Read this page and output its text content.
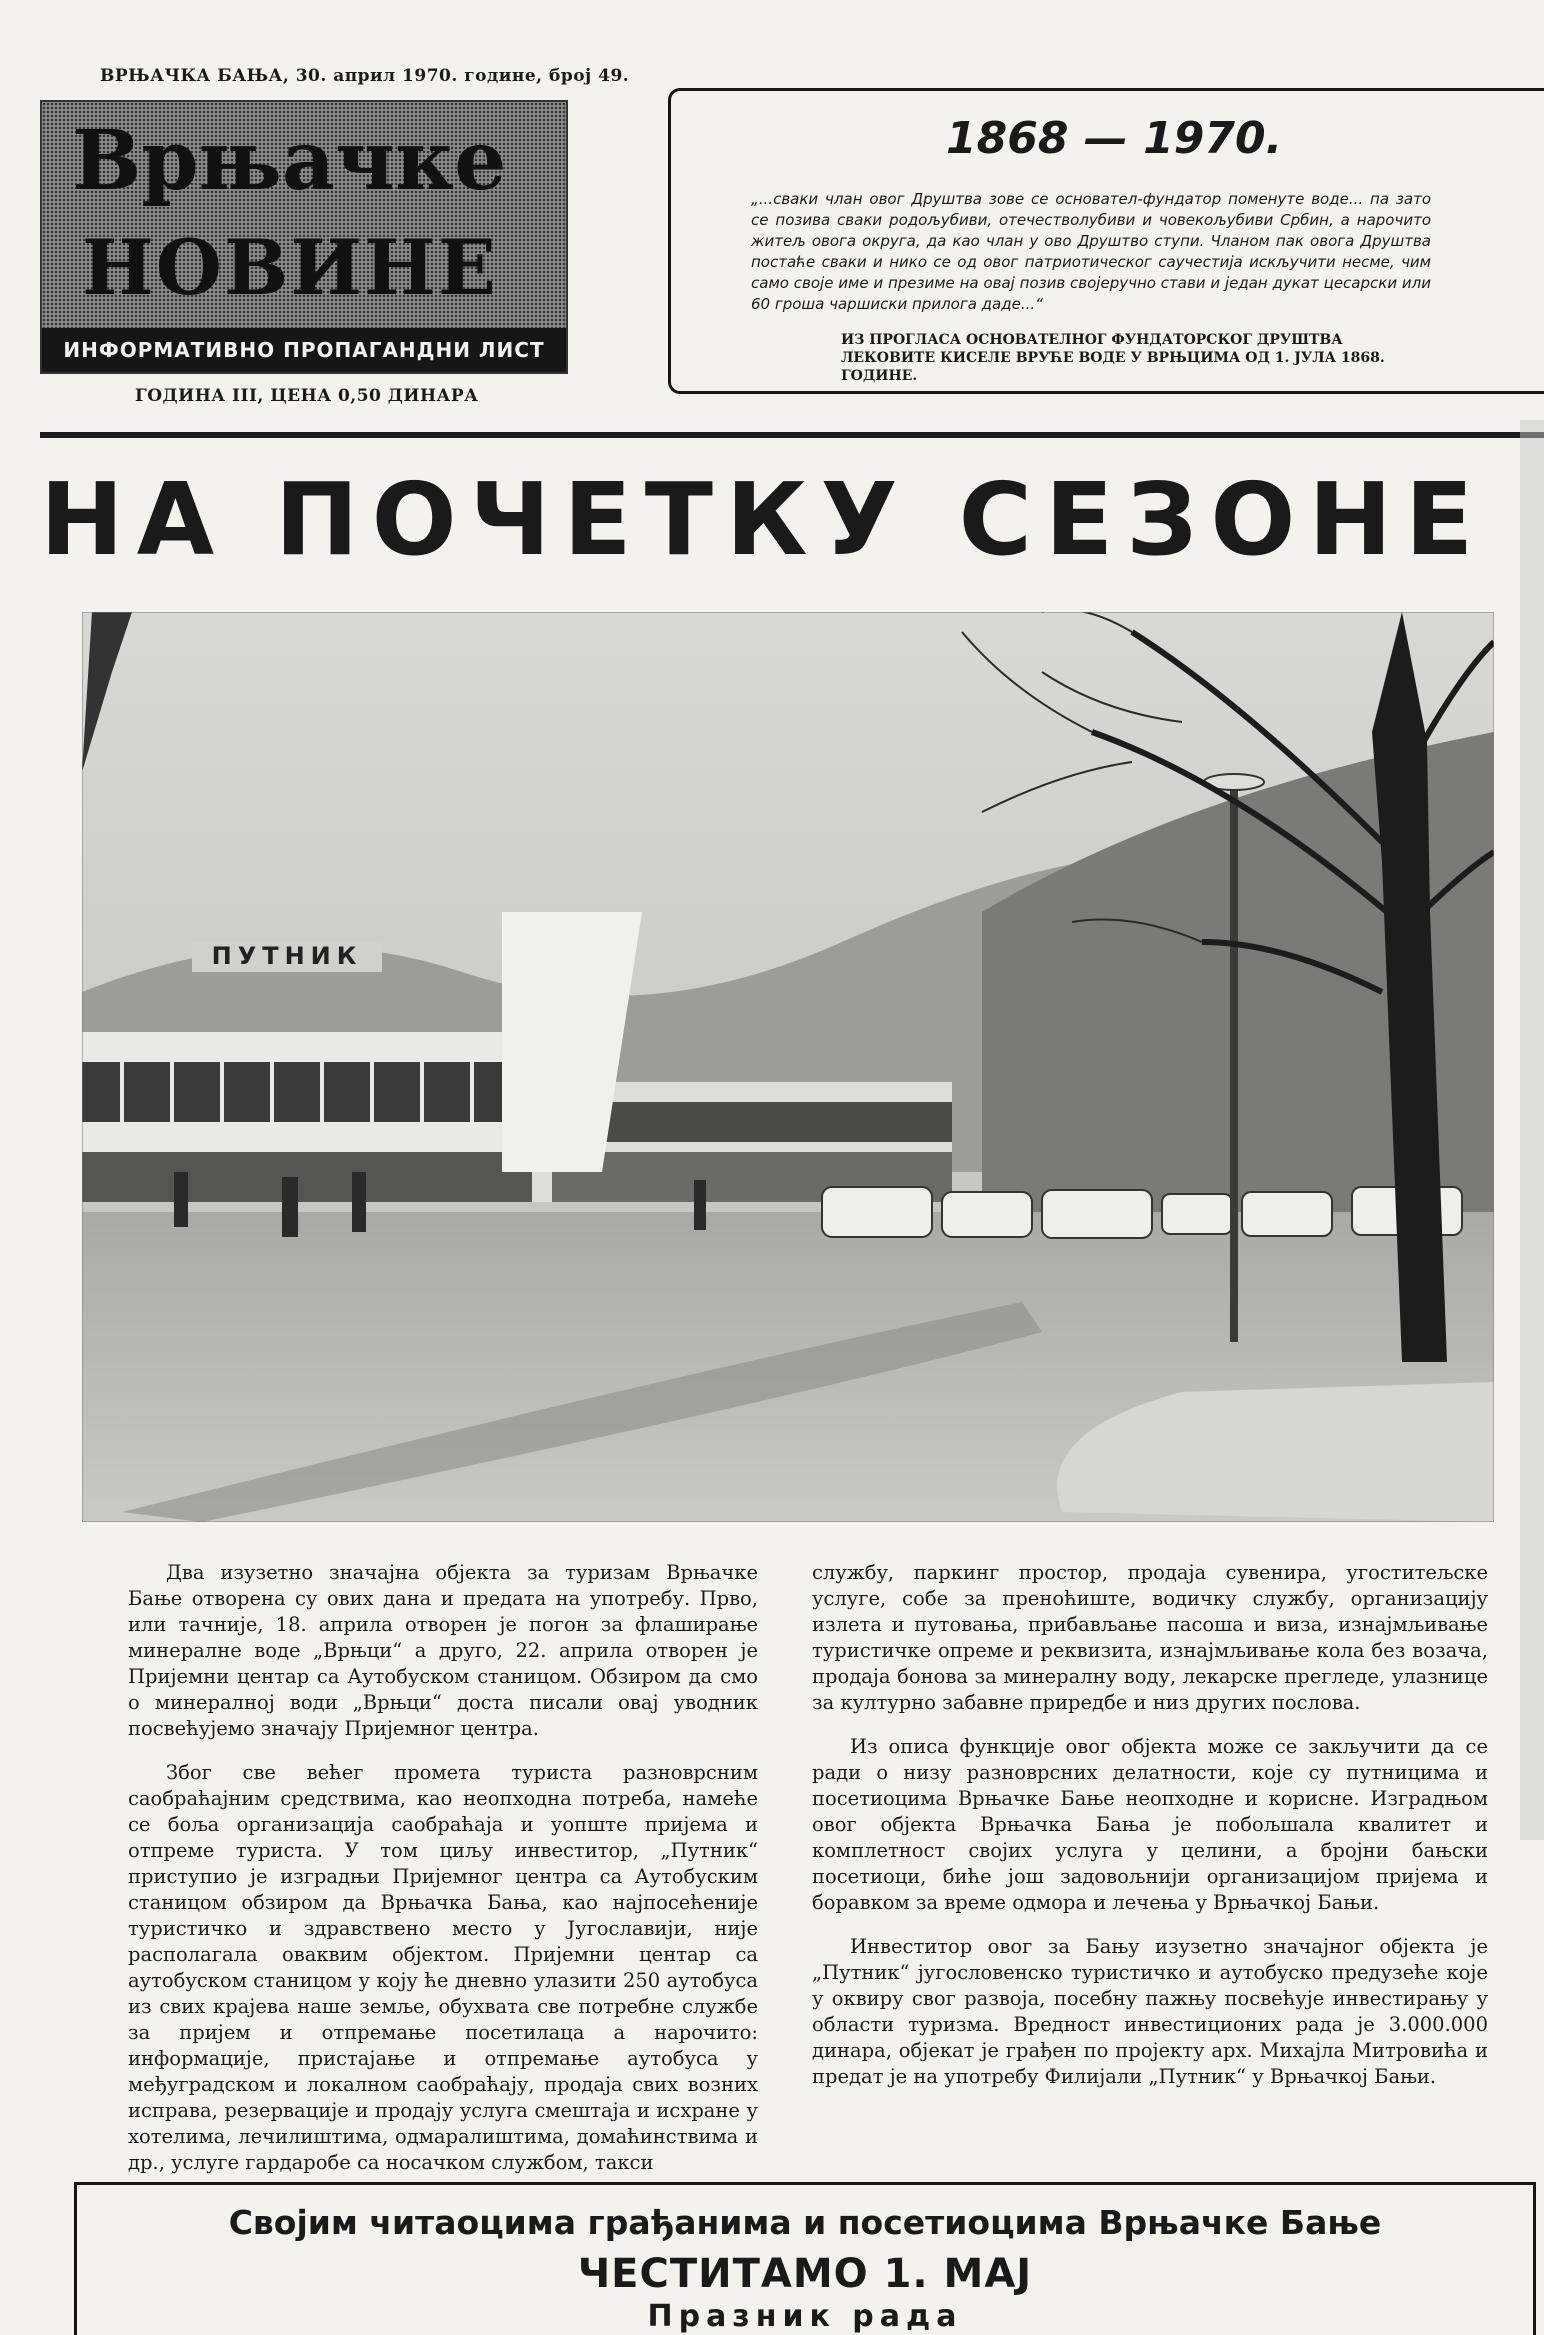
ВРЊАЧКА БАЊА, 30. април 1970. године, број 49.
Врњачке
НОВИНЕ
ИНФОРМАТИВНО ПРОПАГАНДНИ ЛИСТ
ГОДИНА III, ЦЕНА 0,50 ДИНАРА
1868 — 1970.
„...сваки члан овог Друштва зове се основател-фундатор поменуте воде... па зато се позива сваки родољубиви, отечестволубиви и човекољубиви Србин, а нарочито житељ овога округа, да као члан у ово Друштво ступи. Чланом пак овога Друштва постаће сваки и нико се од овог патриотическог саучестија искључити несме, чим само своје име и презиме на овај позив својеручно стави и један дукат цесарски или 60 гроша чаршиски прилога даде...“
ИЗ ПРОГЛАСА ОСНОВАТЕЛНОГ ФУНДАТОРСКОГ ДРУШТВА ЛЕКОВИТЕ КИСЕЛЕ ВРУЋЕ ВОДЕ У ВРЊЦИМА ОД 1. ЈУЛА 1868. ГОДИНЕ.
НА ПОЧЕТКУ СЕЗОНЕ
ПУТНИК

Два изузетно значајна објекта за туризам Врњачке Бање отворена су ових дана и предата на употребу. Прво, или тачније, 18. априла отворен је погон за флаширање минералне воде „Врњци“ а друго, 22. априла отворен је Пријемни центар са Аутобуском станицом. Обзиром да смо о минералној води „Врњци“ доста писали овај уводник посвећујемо значају Пријемног центра.

Због све већег промета туриста разноврсним саобраћајним средствима, као неопходна потреба, намеће се боља организација саобраћаја и уопште пријема и отпреме туриста. У том циљу инвеститор, „Путник“ приступио је изградњи Пријемног центра са Аутобуским станицом обзиром да Врњачка Бања, као најпосећеније туристичко и здравствено место у Југославији, није располагала оваквим објектом. Пријемни центар са аутобуском станицом у коју ће дневно улазити 250 аутобуса из свих крајева наше земље, обухвата све потребне службе за пријем и отпремање посетилаца а нарочито: информације, пристајање и отпремање аутобуса у међуградском и локалном саобраћају, продаја свих возних исправа, резервације и продају услуга смештаја и исхране у хотелима, лечилиштима, одмаралиштима, домаћинствима и др., услуге гардаробе са носачком службом, такси

службу, паркинг простор, продаја сувенира, угоститељске услуге, собе за преноћиште, водичку службу, организацију излета и путовања, прибављање пасоша и виза, изнајмљивање туристичке опреме и реквизита, изнајмљивање кола без возача, продаја бонова за минералну воду, лекарске прегледе, улазнице за културно забавне приредбе и низ других послова.

Из описа функције овог објекта може се закључити да се ради о низу разноврсних делатности, које су путницима и посетиоцима Врњачке Бање неопходне и корисне. Изградњом овог објекта Врњачка Бања је побољшала квалитет и комплетност својих услуга у целини, а бројни бањски посетиоци, биће још задовољнији организацијом пријема и боравком за време одмора и лечења у Врњачкој Бањи.

Инвеститор овог за Бању изузетно значајног објекта је „Путник“ југословенско туристичко и аутобуско предузеће које у оквиру свог развоја, посебну пажњу посвећује инвестирању у области туризма. Вредност инвестиционих рада је 3.000.000 динара, објекат је грађен по пројекту арх. Михајла Митровића и предат је на употребу Филијали „Путник“ у Врњачкој Бањи.

Својим читаоцима грађанима и посетиоцима Врњачке Бање
ЧЕСТИТАМО 1. МАЈ
Празник рада
